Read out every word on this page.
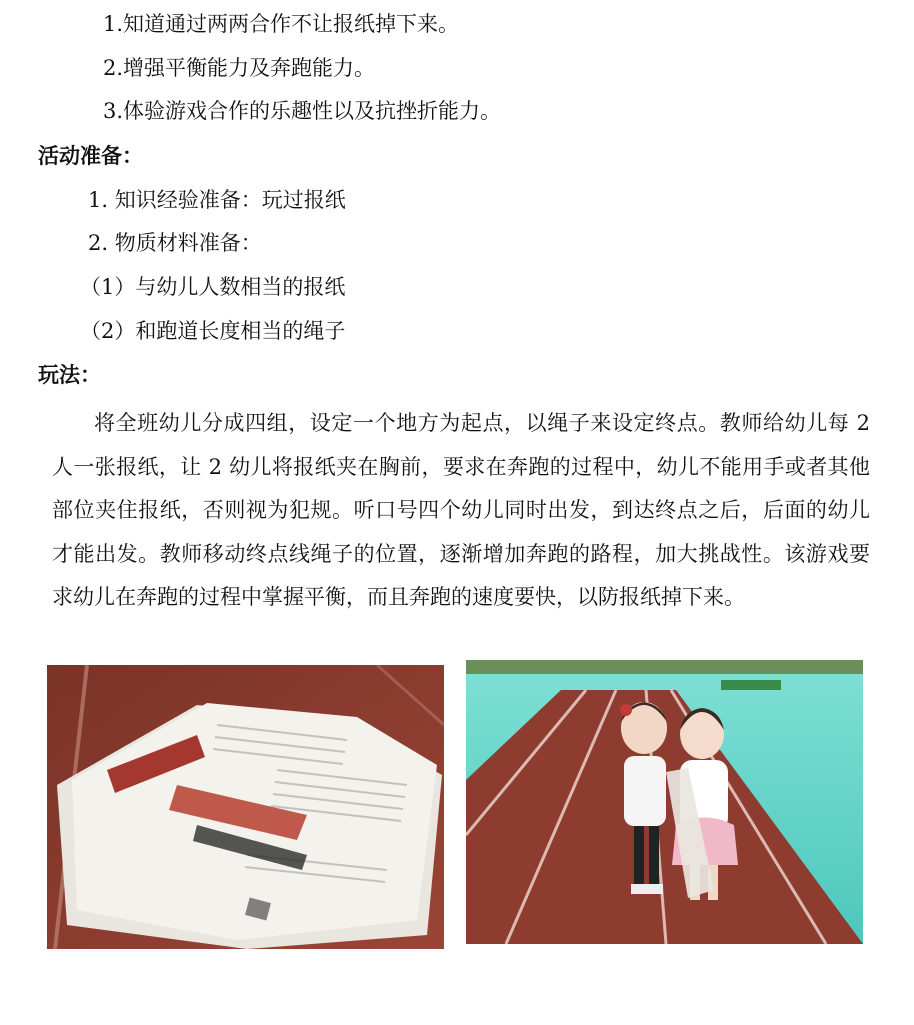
1.知道通过两两合作不让报纸掉下来。

2.增强平衡能力及奔跑能力。

3.体验游戏合作的乐趣性以及抗挫折能力。

活动准备：

1. 知识经验准备：玩过报纸

2. 物质材料准备：

（1）与幼儿人数相当的报纸

（2）和跑道长度相当的绳子

玩法：

将全班幼儿分成四组，设定一个地方为起点，以绳子来设定终点。教师给幼儿每 2 人一张报纸，让 2 幼儿将报纸夹在胸前，要求在奔跑的过程中，幼儿不能用手或者其他部位夹住报纸，否则视为犯规。听口号四个幼儿同时出发，到达终点之后，后面的幼儿才能出发。教师移动终点线绳子的位置，逐渐增加奔跑的路程，加大挑战性。该游戏要求幼儿在奔跑的过程中掌握平衡，而且奔跑的速度要快，以防报纸掉下来。
